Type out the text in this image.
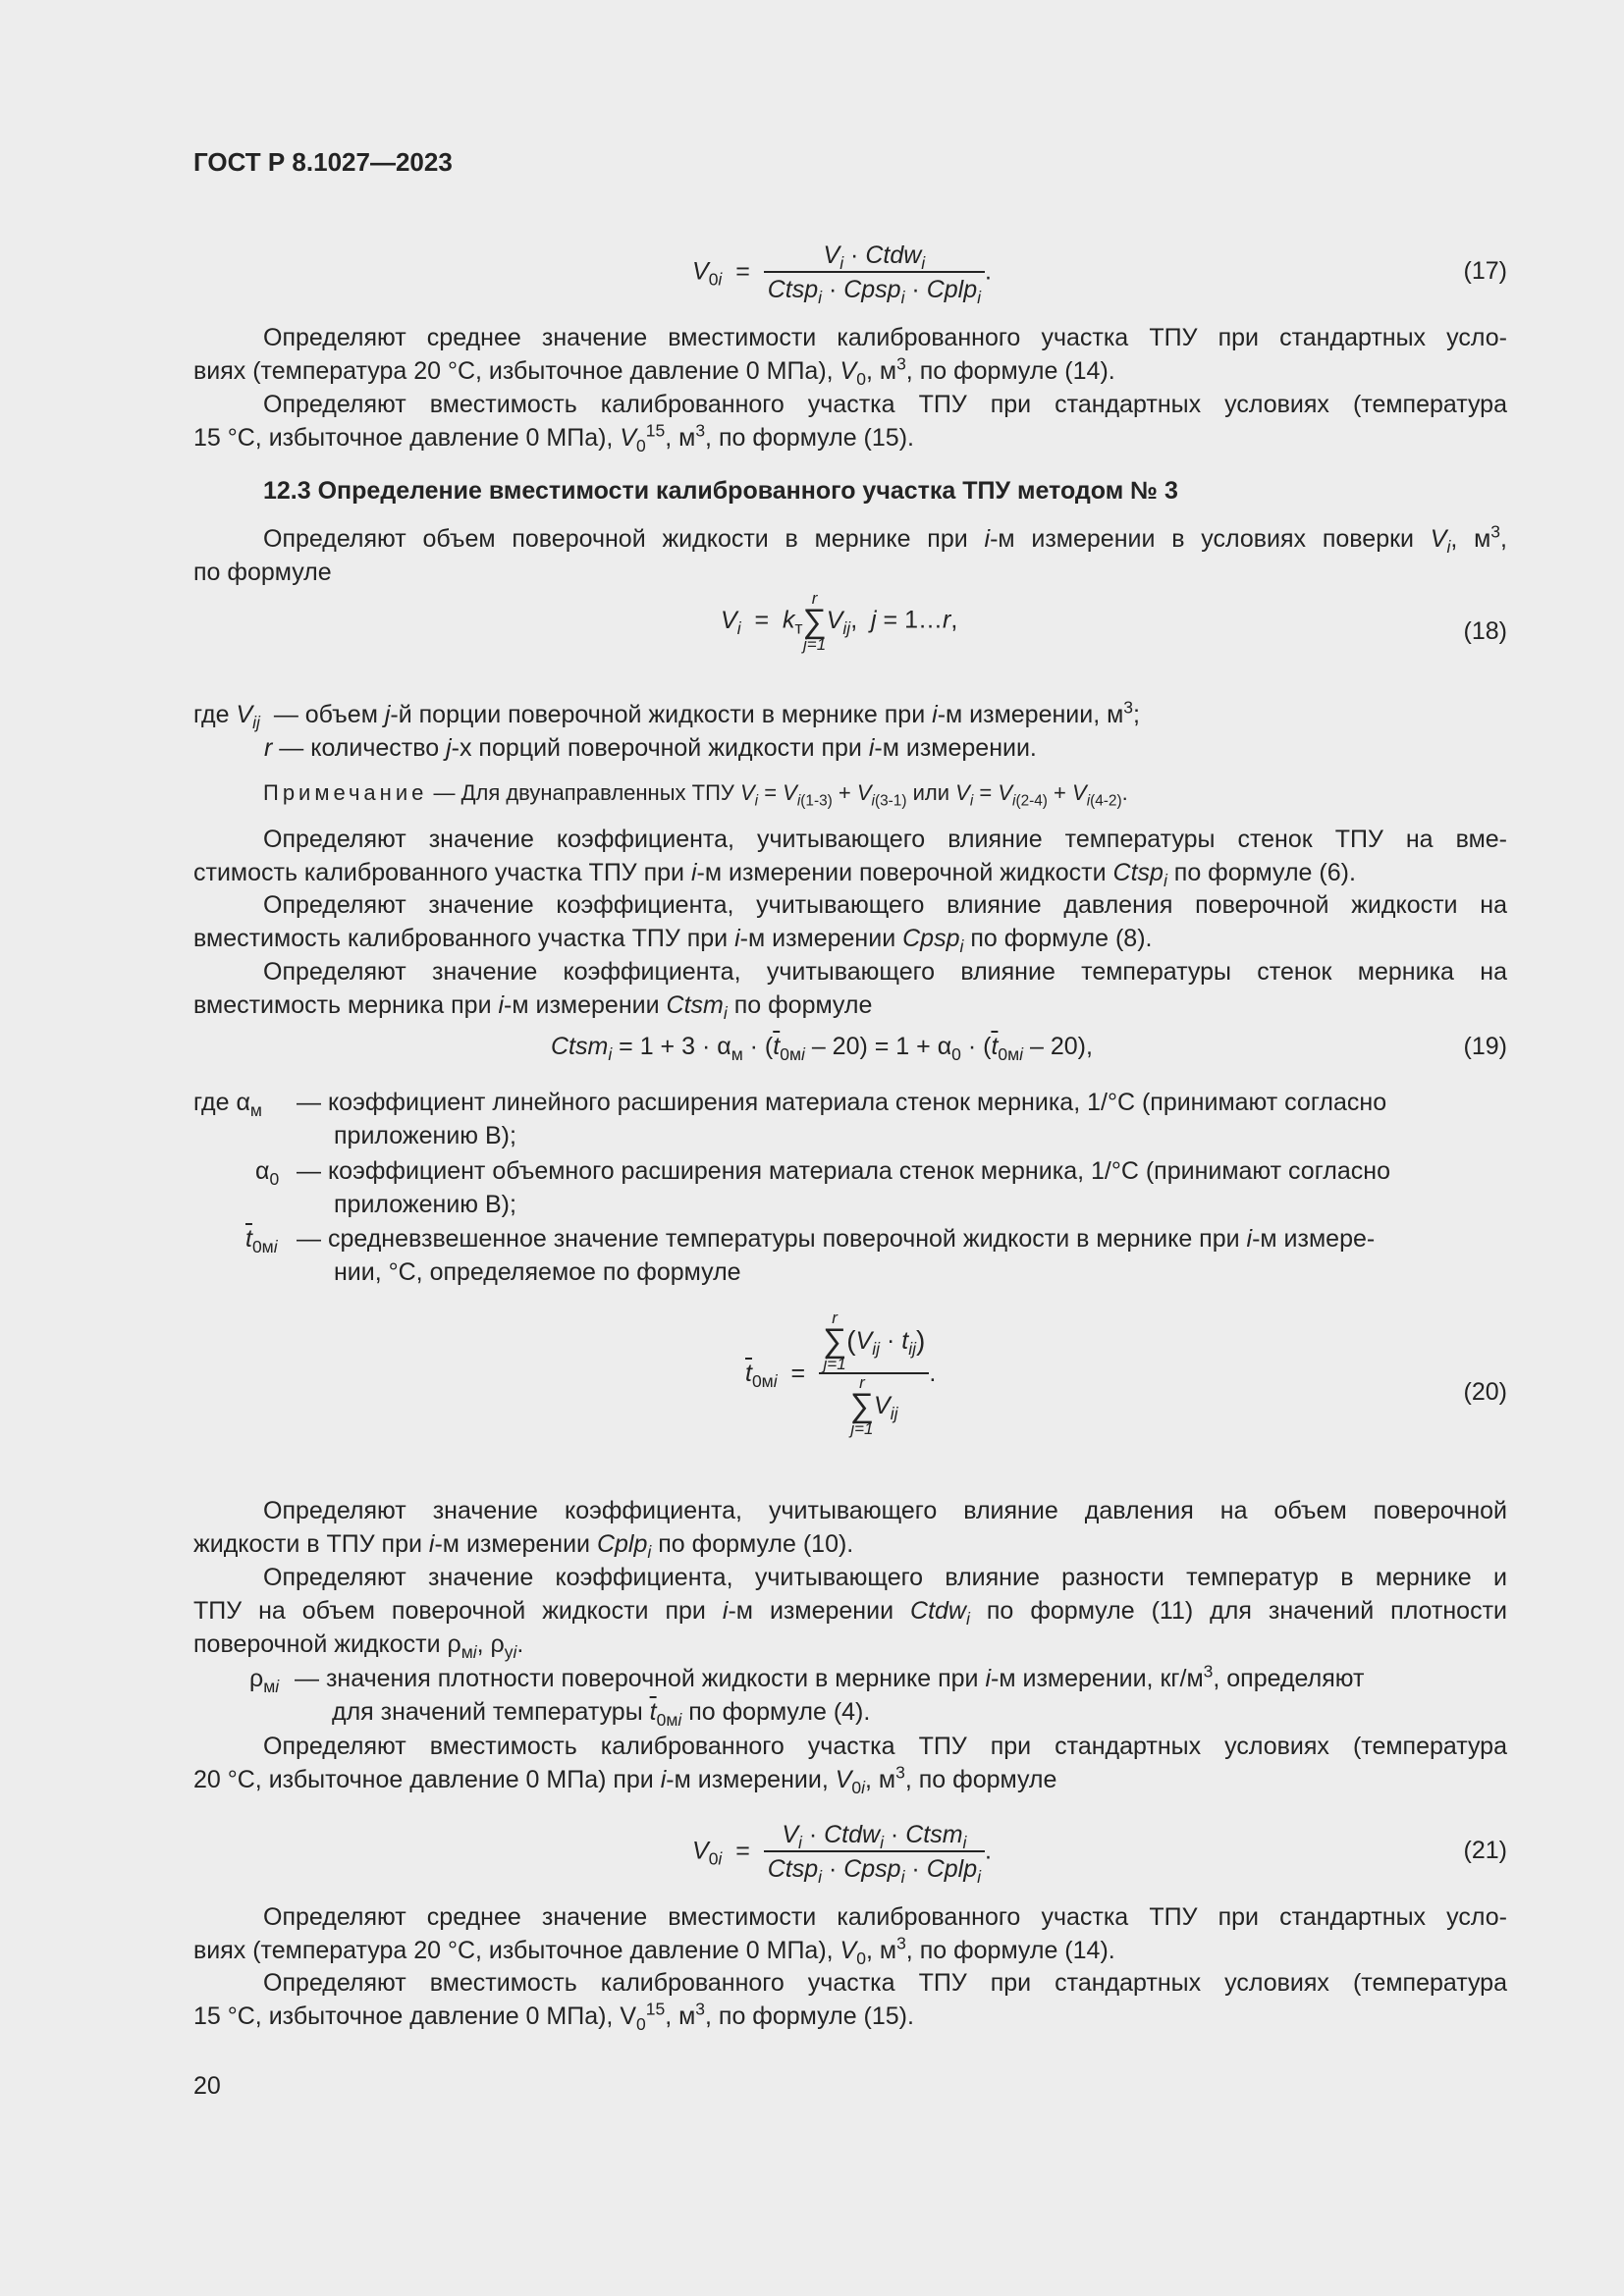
ГОСТ Р 8.1027—2023
$V_{0i} = \frac{V_i \cdot Ctdw_i}{Ctsp_i \cdot Cpsp_i \cdot Cplp_i}$ .	(17)
Определяют среднее значение вместимости калиброванного участка ТПУ при стандартных усло-
виях (температура 20 °С, избыточное давление 0 МПа), $V_0$, $м^3$, по формуле (14).
Определяют вместимость калиброванного участка ТПУ при стандартных условиях (температура
15 °С, избыточное давление 0 МПа), $V_0^{15}$, $м^3$, по формуле (15).
12.3 Определение вместимости калиброванного участка ТПУ методом № 3
Определяют объем поверочной жидкости в мернике при i-м измерении в условиях поверки $V_i$, $м^3$,
по формуле
$V_i = k_т$
r
∑
j=1
$V_{ij}$,  j = 1…r,	(18)
где $V_{ij}$ — объем j-й порции поверочной жидкости в мернике при i-м измерении, $м^3$;
r — количество j-х порций поверочной жидкости при i-м измерении.
Примечание — Для двунаправленных ТПУ $V_i = V_{i(1-3)} + V_{i(3-1)}$ или $V_i = V_{i(2-4)} + V_{i(4-2)}$.
Определяют значение коэффициента, учитывающего влияние температуры стенок ТПУ на вме-
стимость калиброванного участка ТПУ при i-м измерении поверочной жидкости Ctsp$_i$ по формуле (6).
Определяют значение коэффициента, учитывающего влияние давления поверочной жидкости на
вместимость калиброванного участка ТПУ при i-м измерении Cpsp$_i$ по формуле (8).
Определяют значение коэффициента, учитывающего влияние температуры стенок мерника на
вместимость мерника при i-м измерении Ctsm$_i$ по формуле
Ctsm$_i$ = $1 + 3 \cdot \alpha_м \cdot (\overline{t}_{0мi} - 20) = 1 + \alpha_0 \cdot (\overline{t}_{0мi} - 20)$,	(19)
где $\alpha_м$ — коэффициент линейного расширения материала стенок мерника, 1/°С (принимают согласно
приложению В);
$\alpha_0$ — коэффициент объемного расширения материала стенок мерника, 1/°С (принимают согласно
приложению В);
$\overline{t}_{0мi}$ — средневзвешенное значение температуры поверочной жидкости в мернике при i-м измере-
нии, °С, определяемое по формуле
$\overline{t}_{0мi} = r$
∑
j=1
$(V_{ij} \cdot t_{ij})$
r
∑
j=1
$V_{ij}$ .
(20)
Определяют значение коэффициента, учитывающего влияние давления на объем поверочной
жидкости в ТПУ при i-м измерении Cplp$_i$ по формуле (10).
Определяют значение коэффициента, учитывающего влияние разности температур в мернике и
ТПУ на объем поверочной жидкости при i-м измерении Ctdw$_i$ по формуле (11) для значений плотности
поверочной жидкости $\rho_{мi}$, $\rho_{уi}$.
$\rho_{мi}$ — значения плотности поверочной жидкости в мернике при i-м измерении, $кг/м^3$, определяют
для значений температуры $\overline{t}_{0мi}$ по формуле (4).
Определяют вместимость калиброванного участка ТПУ при стандартных условиях (температура
20 °С, избыточное давление 0 МПа) при i-м измерении, $V_{0i}$, $м^3$, по формуле
$V_{0i} = \frac{V_i \cdot Ctdw_i \cdot Ctsm_i}{Ctsp_i \cdot Cpsp_i \cdot Cplp_i}$ .	(21)
Определяют среднее значение вместимости калиброванного участка ТПУ при стандартных усло-
виях (температура 20 °С, избыточное давление 0 МПа), $V_0$, $м^3$, по формуле (14).
Определяют вместимость калиброванного участка ТПУ при стандартных условиях (температура
15 °С, избыточное давление 0 МПа), $V_0^{15}$, $м^3$, по формуле (15).
20
